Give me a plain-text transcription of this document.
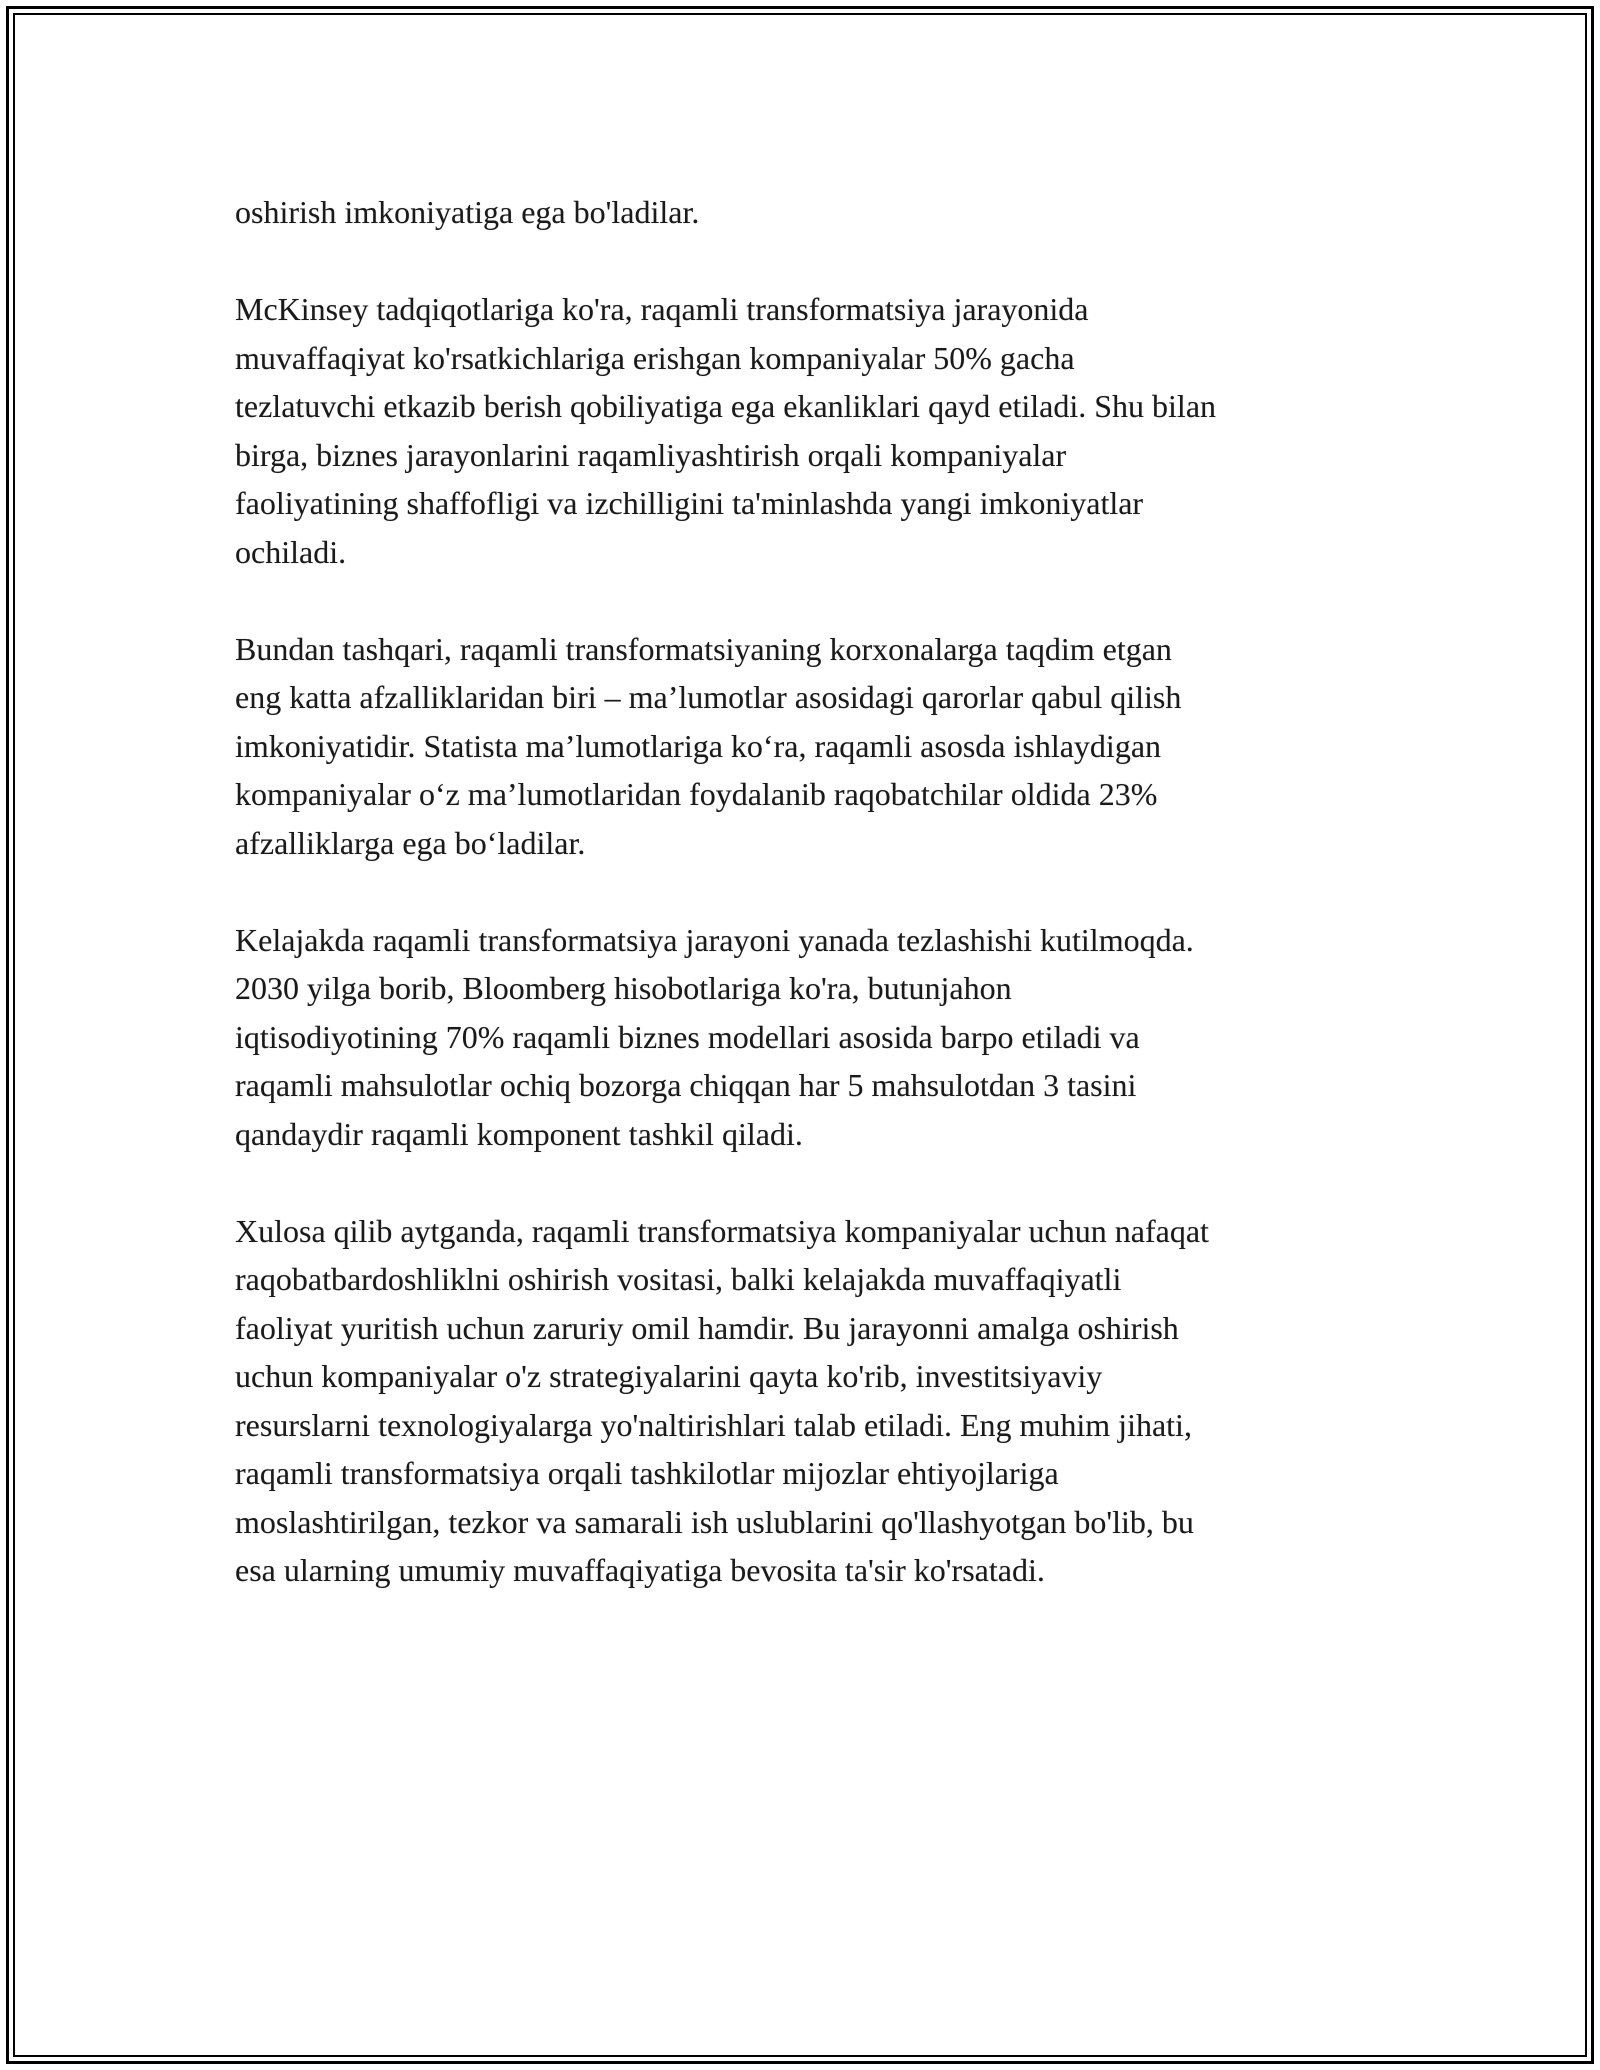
oshirish imkoniyatiga ega bo'ladilar.

McKinsey tadqiqotlariga ko'ra, raqamli transformatsiya jarayonida
muvaffaqiyat ko'rsatkichlariga erishgan kompaniyalar 50% gacha
tezlatuvchi etkazib berish qobiliyatiga ega ekanliklari qayd etiladi. Shu bilan
birga, biznes jarayonlarini raqamliyashtirish orqali kompaniyalar
faoliyatining shaffofligi va izchilligini ta'minlashda yangi imkoniyatlar
ochiladi.

Bundan tashqari, raqamli transformatsiyaning korxonalarga taqdim etgan
eng katta afzalliklaridan biri – ma’lumotlar asosidagi qarorlar qabul qilish
imkoniyatidir. Statista ma’lumotlariga ko‘ra, raqamli asosda ishlaydigan
kompaniyalar o‘z ma’lumotlaridan foydalanib raqobatchilar oldida 23%
afzalliklarga ega bo‘ladilar.

Kelajakda raqamli transformatsiya jarayoni yanada tezlashishi kutilmoqda.
2030 yilga borib, Bloomberg hisobotlariga ko'ra, butunjahon
iqtisodiyotining 70% raqamli biznes modellari asosida barpo etiladi va
raqamli mahsulotlar ochiq bozorga chiqqan har 5 mahsulotdan 3 tasini
qandaydir raqamli komponent tashkil qiladi.

Xulosa qilib aytganda, raqamli transformatsiya kompaniyalar uchun nafaqat
raqobatbardoshliklni oshirish vositasi, balki kelajakda muvaffaqiyatli
faoliyat yuritish uchun zaruriy omil hamdir. Bu jarayonni amalga oshirish
uchun kompaniyalar o'z strategiyalarini qayta ko'rib, investitsiyaviy
resurslarni texnologiyalarga yo'naltirishlari talab etiladi. Eng muhim jihati,
raqamli transformatsiya orqali tashkilotlar mijozlar ehtiyojlariga
moslashtirilgan, tezkor va samarali ish uslublarini qo'llashyotgan bo'lib, bu
esa ularning umumiy muvaffaqiyatiga bevosita ta'sir ko'rsatadi.
